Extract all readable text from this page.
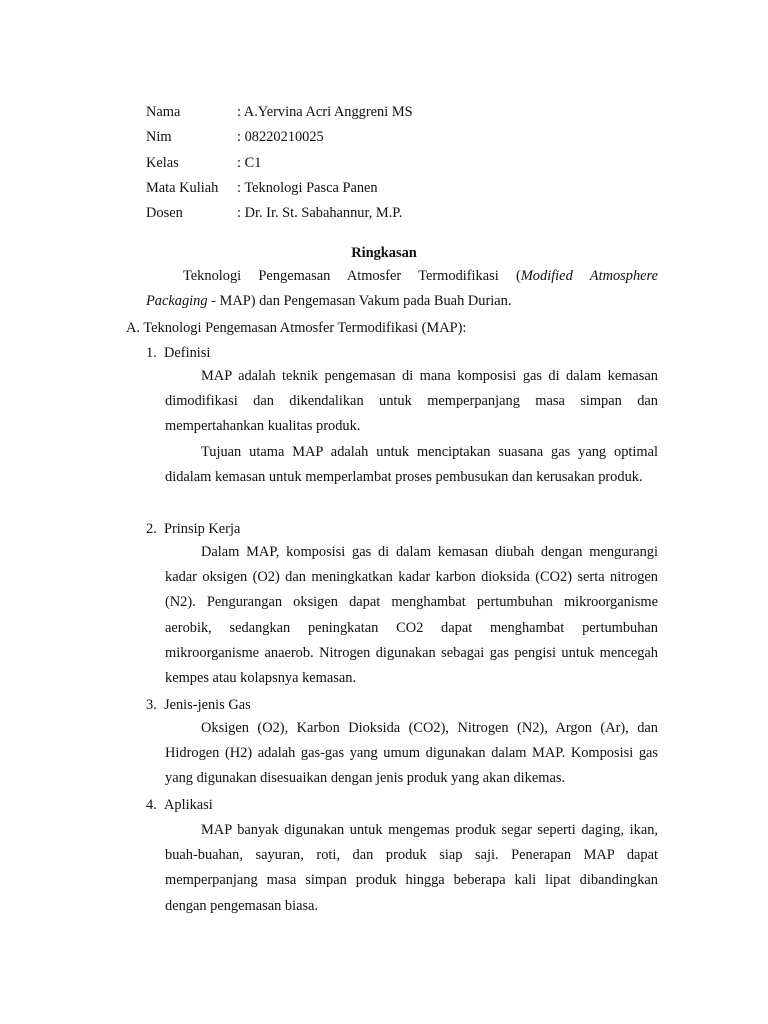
Nama	: A.Yervina Acri Anggreni MS
Nim	: 08220210025
Kelas	: C1
Mata Kuliah	: Teknologi Pasca Panen
Dosen	: Dr. Ir. St. Sabahannur, M.P.
Ringkasan
Teknologi Pengemasan Atmosfer Termodifikasi (Modified Atmosphere
Packaging - MAP) dan Pengemasan Vakum pada Buah Durian.
A. Teknologi Pengemasan Atmosfer Termodifikasi (MAP):
1. Definisi

MAP adalah teknik pengemasan di mana komposisi gas di dalam kemasan dimodifikasi dan dikendalikan untuk memperpanjang masa simpan dan mempertahankan kualitas produk.

Tujuan utama MAP adalah untuk menciptakan suasana gas yang optimal didalam kemasan untuk memperlambat proses pembusukan dan kerusakan produk.

2. Prinsip Kerja

Dalam MAP, komposisi gas di dalam kemasan diubah dengan mengurangi kadar oksigen (O2) dan meningkatkan kadar karbon dioksida (CO2) serta nitrogen (N2). Pengurangan oksigen dapat menghambat pertumbuhan mikroorganisme aerobik, sedangkan peningkatan CO2 dapat menghambat pertumbuhan mikroorganisme anaerob. Nitrogen digunakan sebagai gas pengisi untuk mencegah kempes atau kolapsnya kemasan.

3. Jenis-jenis Gas

Oksigen (O2), Karbon Dioksida (CO2), Nitrogen (N2), Argon (Ar), dan Hidrogen (H2) adalah gas-gas yang umum digunakan dalam MAP. Komposisi gas yang digunakan disesuaikan dengan jenis produk yang akan dikemas.

4. Aplikasi

MAP banyak digunakan untuk mengemas produk segar seperti daging, ikan, buah-buahan, sayuran, roti, dan produk siap saji. Penerapan MAP dapat memperpanjang masa simpan produk hingga beberapa kali lipat dibandingkan dengan pengemasan biasa.
